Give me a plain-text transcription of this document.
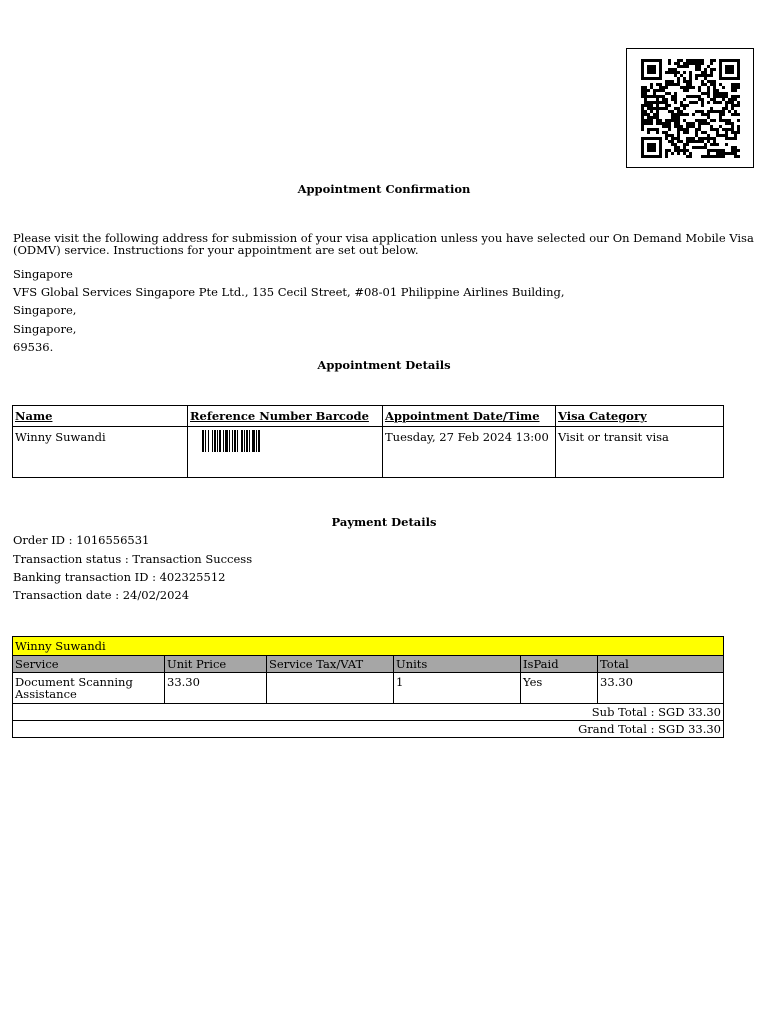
Appointment Confirmation
Please visit the following address for submission of your visa application unless you have selected our On Demand Mobile Visa (ODMV) service. Instructions for your appointment are set out below.
Singapore
VFS Global Services Singapore Pte Ltd., 135 Cecil Street, #08-01 Philippine Airlines Building,
Singapore,
Singapore,
69536.
Appointment Details
Name	Reference Number Barcode	Appointment Date/Time	Visa Category
Winny Suwandi		Tuesday, 27 Feb 2024 13:00	Visit or transit visa
Payment Details
Order ID : 1016556531
Transaction status : Transaction Success
Banking transaction ID : 402325512
Transaction date : 24/02/2024
Winny Suwandi					
Service	Unit Price	Service Tax/VAT	Units	IsPaid	Total
Document Scanning Assistance	33.30		1	Yes	33.30
Sub Total : SGD 33.30					
Grand Total : SGD 33.30					
